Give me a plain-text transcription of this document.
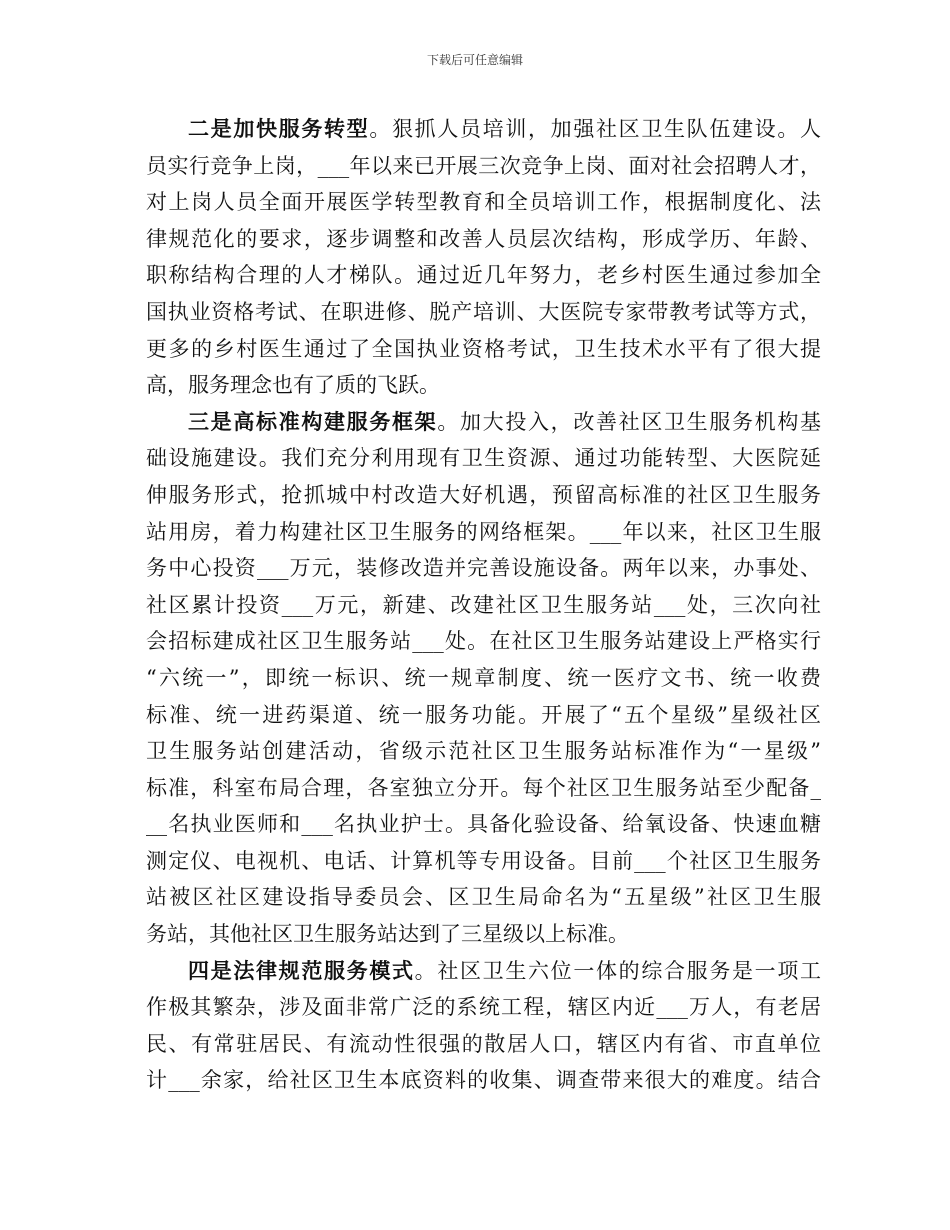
下载后可任意编辑
二是加快服务转型。狠抓人员培训，加强社区卫生队伍建设。人
员实行竞争上岗，___年以来已开展三次竞争上岗、面对社会招聘人才，
对上岗人员全面开展医学转型教育和全员培训工作，根据制度化、法
律规范化的要求，逐步调整和改善人员层次结构，形成学历、年龄、
职称结构合理的人才梯队。通过近几年努力，老乡村医生通过参加全
国执业资格考试、在职进修、脱产培训、大医院专家带教考试等方式，
更多的乡村医生通过了全国执业资格考试，卫生技术水平有了很大提
高，服务理念也有了质的飞跃。
三是高标准构建服务框架。加大投入，改善社区卫生服务机构基
础设施建设。我们充分利用现有卫生资源、通过功能转型、大医院延
伸服务形式，抢抓城中村改造大好机遇，预留高标准的社区卫生服务
站用房，着力构建社区卫生服务的网络框架。___年以来，社区卫生服
务中心投资___万元，装修改造并完善设施设备。两年以来，办事处、
社区累计投资___万元，新建、改建社区卫生服务站___处，三次向社
会招标建成社区卫生服务站___处。在社区卫生服务站建设上严格实行
“六统一”，即统一标识、统一规章制度、统一医疗文书、统一收费
标准、统一进药渠道、统一服务功能。开展了“五个星级”星级社区
卫生服务站创建活动，省级示范社区卫生服务站标准作为“一星级”
标准，科室布局合理，各室独立分开。每个社区卫生服务站至少配备_
__名执业医师和___名执业护士。具备化验设备、给氧设备、快速血糖
测定仪、电视机、电话、计算机等专用设备。目前___个社区卫生服务
站被区社区建设指导委员会、区卫生局命名为“五星级”社区卫生服
务站，其他社区卫生服务站达到了三星级以上标准。
四是法律规范服务模式。社区卫生六位一体的综合服务是一项工
作极其繁杂，涉及面非常广泛的系统工程，辖区内近___万人，有老居
民、有常驻居民、有流动性很强的散居人口，辖区内有省、市直单位
计___余家，给社区卫生本底资料的收集、调查带来很大的难度。结合
